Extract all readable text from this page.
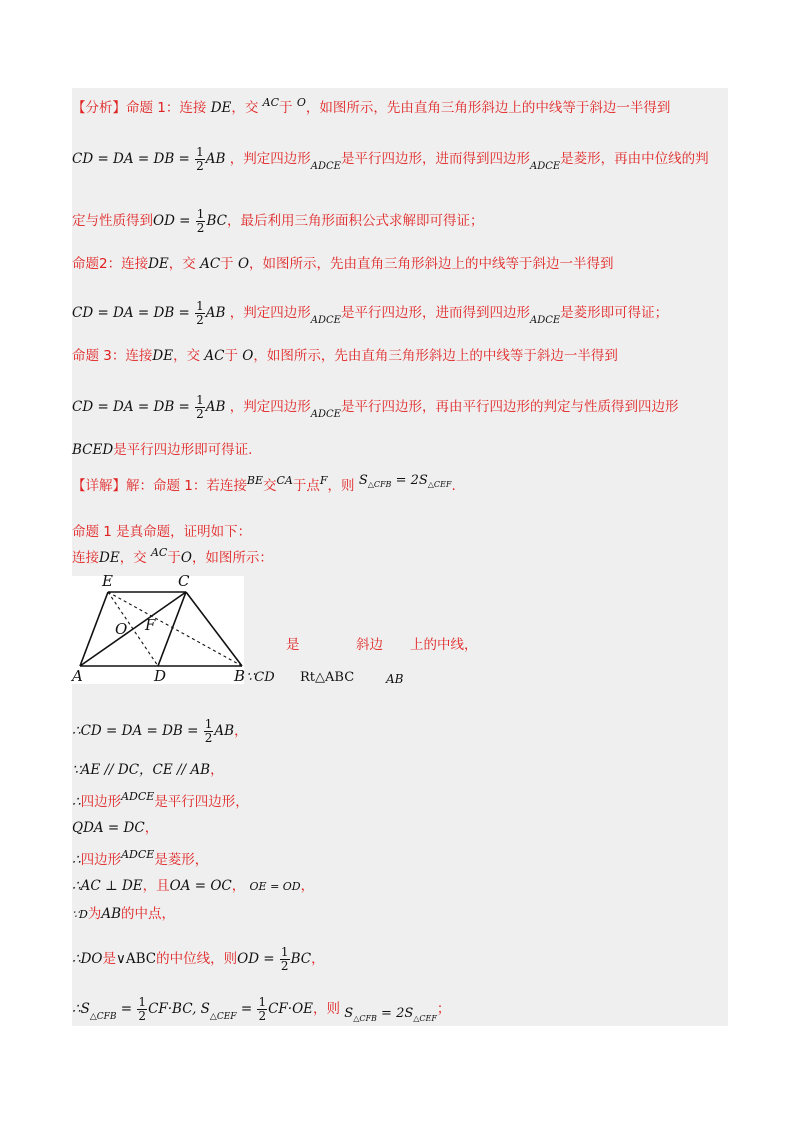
【分析】命题 1：连接 DE，交 $^{AC}$于 $^O$，如图所示，先由直角三角形斜边上的中线等于斜边一半得到
CD = DA = DB = $\frac{1}{2}$ AB ，判定四边形$_{ADCE}$是平行四边形，进而得到四边形$_{ADCE}$是菱形，再由中位线的判
定与性质得到OD = $\frac{1}{2}$ BC，最后利用三角形面积公式求解即可得证；
命题2：连接DE，交 AC于 O，如图所示，先由直角三角形斜边上的中线等于斜边一半得到
CD = DA = DB = $\frac{1}{2}$ AB ，判定四边形$_{ADCE}$是平行四边形，进而得到四边形$_{ADCE}$是菱形即可得证；
命题 3：连接DE，交 AC于 O，如图所示，先由直角三角形斜边上的中线等于斜边一半得到
CD = DA = DB = $\frac{1}{2}$ AB ，判定四边形$_{ADCE}$是平行四边形，再由平行四边形的判定与性质得到四边形
BCED是平行四边形即可得证.
【详解】解：命题 1：若连接$^{BE}$交$^{CA}$于点$^F$，则 $S^{\triangle CFB} = 2S^{\triangle CEF}$.
命题 1 是真命题，证明如下：
连接DE，交 $^{AC}$于O，如图所示：
E	C
O F
A	D	B
是	斜边 上的中线，
∵CD Rt△ABC	AB
∴CD = DA = DB = $\frac{1}{2}$ AB，
∵AE // DC，CE // AB，
∴四边形$^{ADCE}$是平行四边形，
QDA = DC，
∴四边形$^{ADCE}$是菱形，
∴AC ⊥ DE，且OA = OC， OE = OD，
∵D为AB的中点，
∴DO是∨ABC的中位线，则OD = $\frac{1}{2}$ BC，
$\therefore S_{\triangle CFB} = \frac{1}{2} CF\cdot BC$, $S_{\triangle CEF} = \frac{1}{2} CF\cdot OE$，则 $S_{\triangle CFB} = 2S_{\triangle CEF}$；
